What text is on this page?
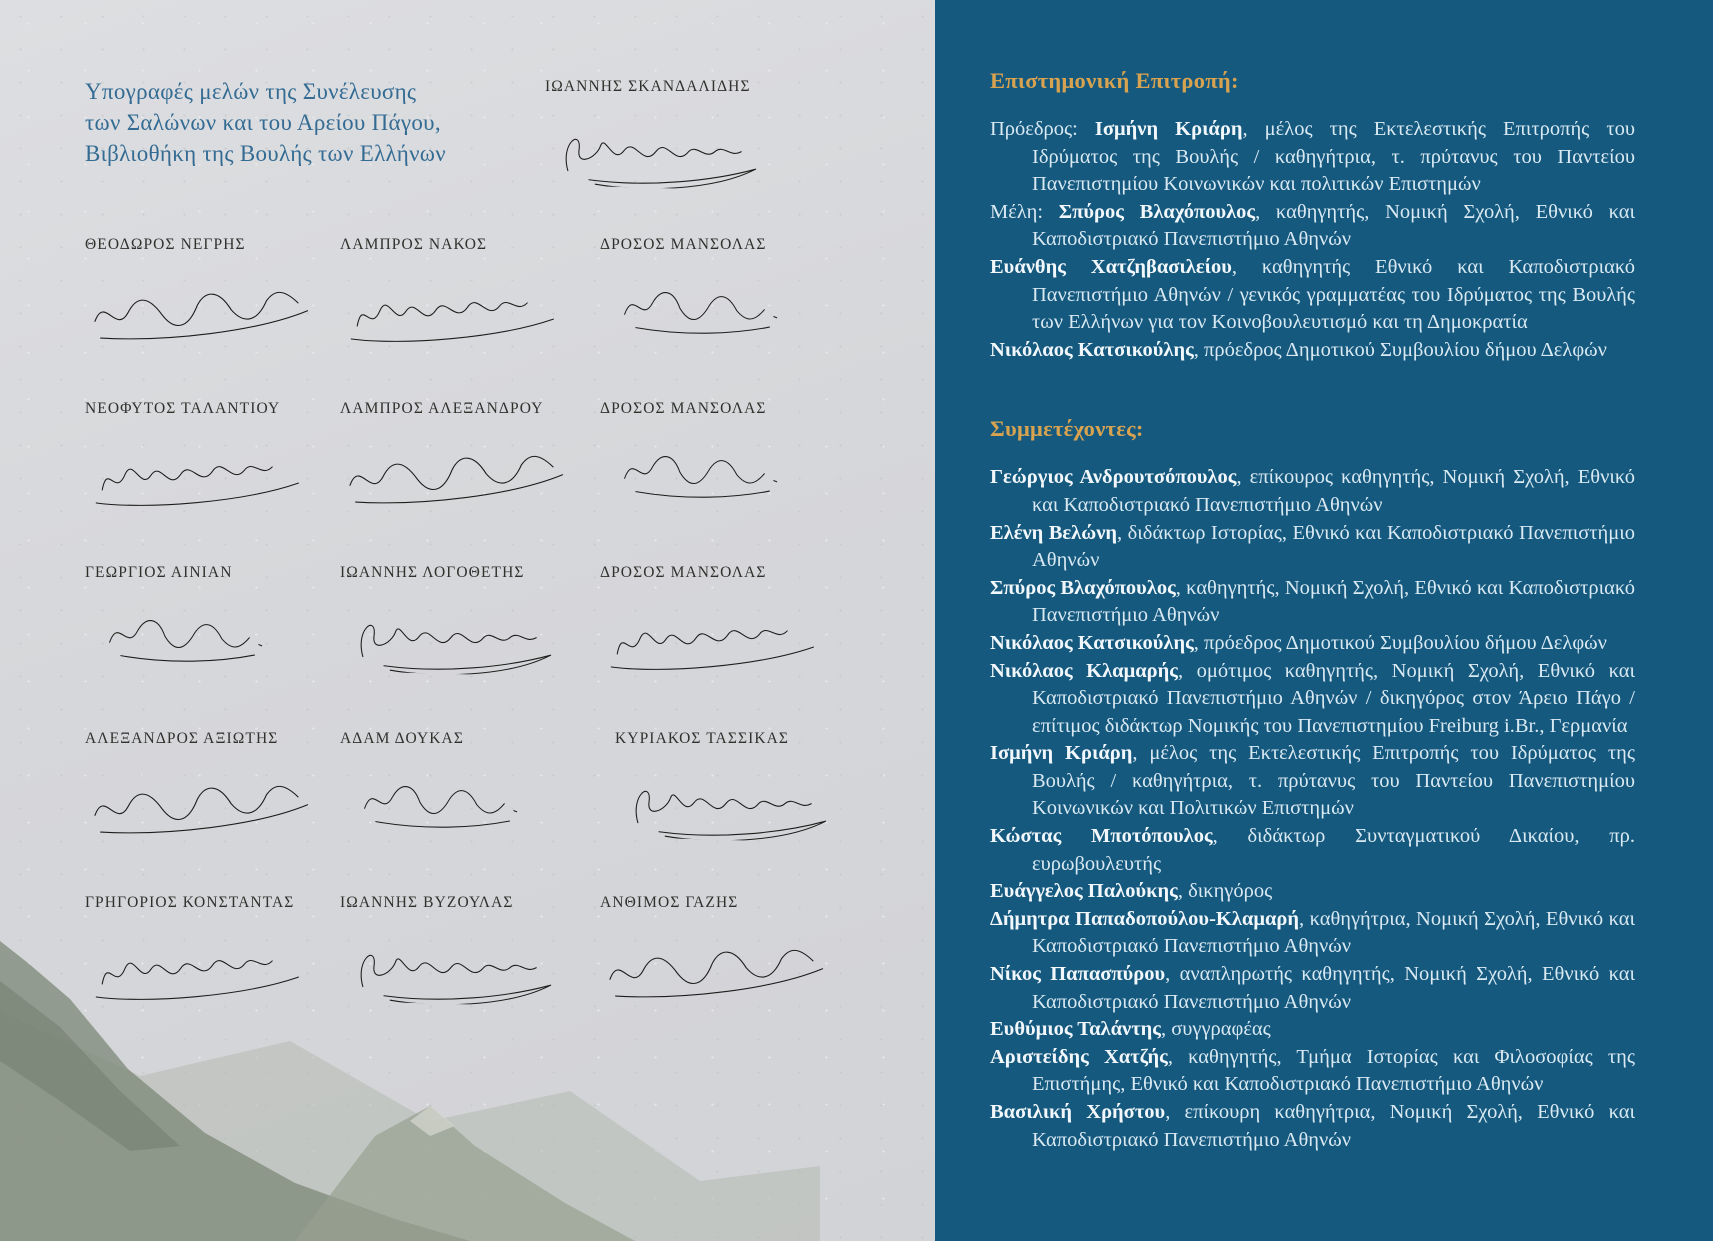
Υπογραφές μελών της Συνέλευσης
των Σαλώνων και του Αρείου Πάγου,
Βιβλιοθήκη της Βουλής των Ελλήνων
ΙΩΑΝΝΗΣ ΣΚΑΝΔΑΛΙΔΗΣ
ΘΕΟΔΩΡΟΣ ΝΕΓΡΗΣ	ΛΑΜΠΡΟΣ ΝΑΚΟΣ	ΔΡΟΣΟΣ ΜΑΝΣΟΛΑΣ
ΝΕΟΦΥΤΟΣ ΤΑΛΑΝΤΙΟΥ	ΛΑΜΠΡΟΣ ΑΛΕΞΑΝΔΡΟΥ	ΔΡΟΣΟΣ ΜΑΝΣΟΛΑΣ
ΓΕΩΡΓΙΟΣ ΑΙΝΙΑΝ	ΙΩΑΝΝΗΣ ΛΟΓΟΘΕΤΗΣ	ΔΡΟΣΟΣ ΜΑΝΣΟΛΑΣ
ΑΛΕΞΑΝΔΡΟΣ ΑΞΙΩΤΗΣ	ΑΔΑΜ ΔΟΥΚΑΣ	ΚΥΡΙΑΚΟΣ ΤΑΣΣΙΚΑΣ
ΓΡΗΓΟΡΙΟΣ ΚΟΝΣΤΑΝΤΑΣ	ΙΩΑΝΝΗΣ ΒΥΖΟΥΛΑΣ	ΑΝΘΙΜΟΣ ΓΑΖΗΣ
Επιστημονική Επιτροπή:

Πρόεδρος: Ισμήνη Κριάρη, μέλος της Εκτελεστικής Επιτροπής του Ιδρύματος της Βουλής / καθηγήτρια, τ. πρύτανυς του Παντείου Πανεπιστημίου Κοινωνικών και πολιτικών Επιστημών

Μέλη: Σπύρος Βλαχόπουλος, καθηγητής, Νομική Σχολή, Εθνικό και Καποδιστριακό Πανεπιστήμιο Αθηνών

Ευάνθης Χατζηβασιλείου, καθηγητής Εθνικό και Καποδιστριακό Πανεπιστήμιο Αθηνών / γενικός γραμματέας του Ιδρύματος της Βουλής των Ελλήνων για τον Κοινοβουλευτισμό και τη Δημοκρατία

Νικόλαος Κατσικούλης, πρόεδρος Δημοτικού Συμβουλίου δήμου Δελφών

Συμμετέχοντες:

Γεώργιος Ανδρουτσόπουλος, επίκουρος καθηγητής, Νομική Σχολή, Εθνικό και Καποδιστριακό Πανεπιστήμιο Αθηνών

Ελένη Βελώνη, διδάκτωρ Ιστορίας, Εθνικό και Καποδιστριακό Πανεπιστήμιο Αθηνών

Σπύρος Βλαχόπουλος, καθηγητής, Νομική Σχολή, Εθνικό και Καποδιστριακό Πανεπιστήμιο Αθηνών

Νικόλαος Κατσικούλης, πρόεδρος Δημοτικού Συμβουλίου δήμου Δελφών

Νικόλαος Κλαμαρής, ομότιμος καθηγητής, Νομική Σχολή, Εθνικό και Καποδιστριακό Πανεπιστήμιο Αθηνών / δικηγόρος στον Άρειο Πάγο / επίτιμος διδάκτωρ Νομικής του Πανεπιστημίου Freiburg i.Br., Γερμανία

Ισμήνη Κριάρη, μέλος της Εκτελεστικής Επιτροπής του Ιδρύματος της Βουλής / καθηγήτρια, τ. πρύτανυς του Παντείου Πανεπιστημίου Κοινωνικών και Πολιτικών Επιστημών

Κώστας Μποτόπουλος, διδάκτωρ Συνταγματικού Δικαίου, πρ. ευρωβουλευτής

Ευάγγελος Παλούκης, δικηγόρος

Δήμητρα Παπαδοπούλου-Κλαμαρή, καθηγήτρια, Νομική Σχολή, Εθνικό και Καποδιστριακό Πανεπιστήμιο Αθηνών

Νίκος Παπασπύρου, αναπληρωτής καθηγητής, Νομική Σχολή, Εθνικό και Καποδιστριακό Πανεπιστήμιο Αθηνών

Ευθύμιος Ταλάντης, συγγραφέας

Αριστείδης Χατζής, καθηγητής, Τμήμα Ιστορίας και Φιλοσοφίας της Επιστήμης, Εθνικό και Καποδιστριακό Πανεπιστήμιο Αθηνών

Βασιλική Χρήστου, επίκουρη καθηγήτρια, Νομική Σχολή, Εθνικό και Καποδιστριακό Πανεπιστήμιο Αθηνών
